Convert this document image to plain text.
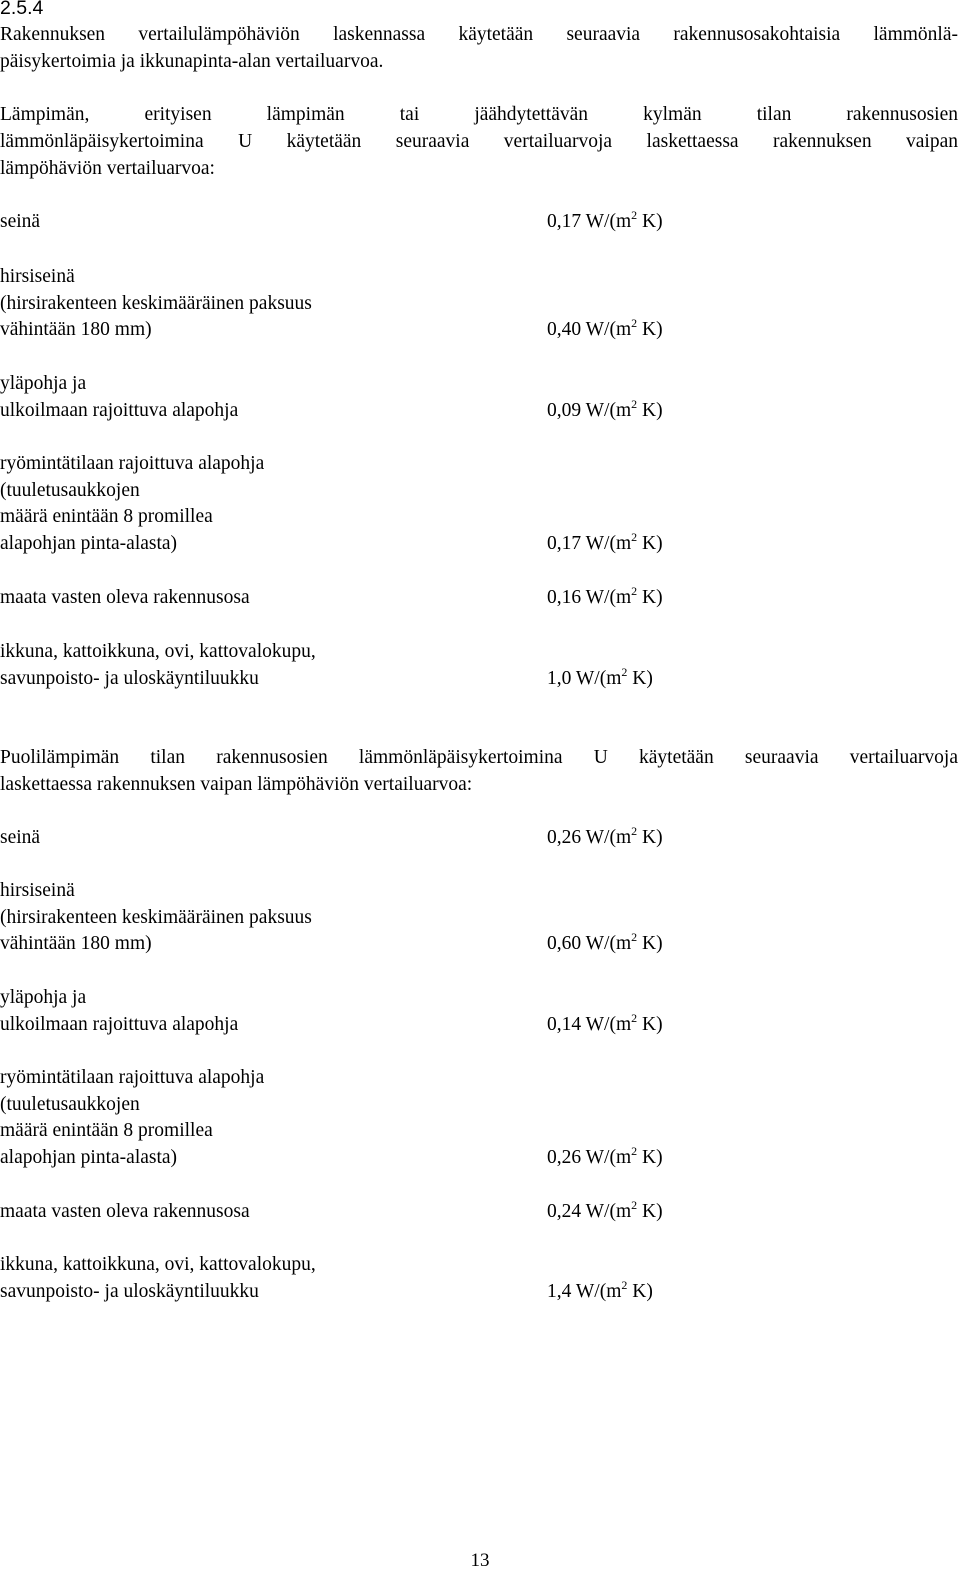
2.5.4
Rakennuksen vertailulämpöhäviön laskennassa käytetään seuraavia rakennusosakohtaisia lämmönlä-
päisykertoimia ja ikkunapinta-alan vertailuarvoa.
Lämpimän, erityisen lämpimän tai jäähdytettävän kylmän tilan rakennusosien
lämmönläpäisykertoimina U käytetään seuraavia vertailuarvoja laskettaessa rakennuksen vaipan
lämpöhäviön vertailuarvoa:
seinä	0,17 $W/(m^2$ K)
hirsiseinä
(hirsirakenteen keskimääräinen paksuus
vähintään 180 mm)	0,40 $W/(m^2$ K)
yläpohja ja
ulkoilmaan rajoittuva alapohja	0,09 $W/(m^2$ K)
ryömintätilaan rajoittuva alapohja
(tuuletusaukkojen
määrä enintään 8 promillea
alapohjan pinta-alasta)	0,17 $W/(m^2$ K)
maata vasten oleva rakennusosa	0,16 $W/(m^2$ K)
ikkuna, kattoikkuna, ovi, kattovalokupu,
savunpoisto- ja uloskäyntiluukku	1,0 $W/(m^2$ K)
Puolilämpimän tilan rakennusosien lämmönläpäisykertoimina U käytetään seuraavia vertailuarvoja
laskettaessa rakennuksen vaipan lämpöhäviön vertailuarvoa:
seinä	0,26 $W/(m^2$ K)
hirsiseinä
(hirsirakenteen keskimääräinen paksuus
vähintään 180 mm)	0,60 $W/(m^2$ K)
yläpohja ja
ulkoilmaan rajoittuva alapohja	0,14 $W/(m^2$ K)
ryömintätilaan rajoittuva alapohja
(tuuletusaukkojen
määrä enintään 8 promillea
alapohjan pinta-alasta)	0,26 $W/(m^2$ K)
maata vasten oleva rakennusosa	0,24 $W/(m^2$ K)
ikkuna, kattoikkuna, ovi, kattovalokupu,
savunpoisto- ja uloskäyntiluukku	1,4 $W/(m^2$ K)
13
